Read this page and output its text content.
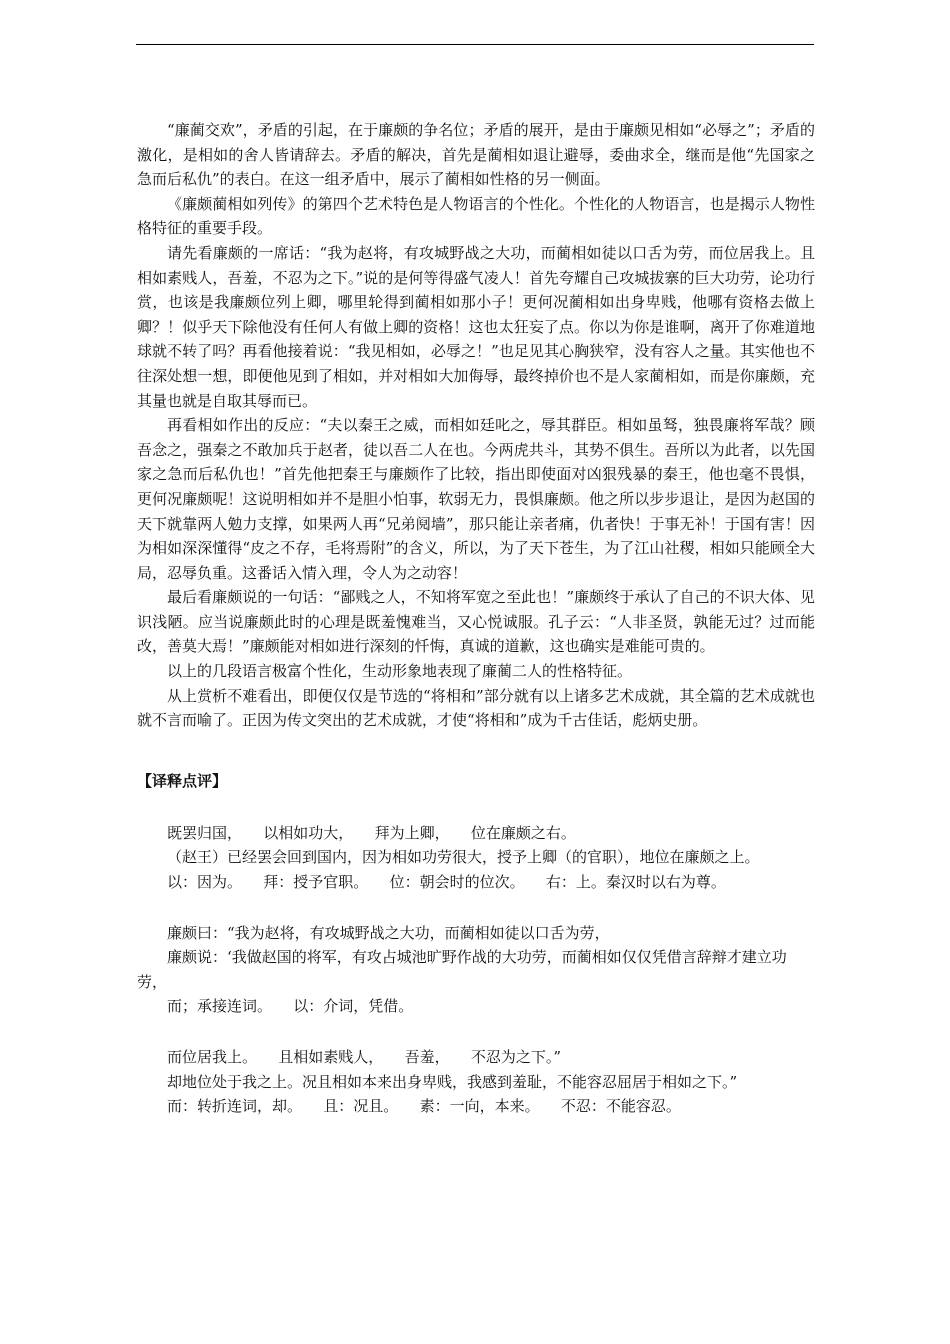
“廉蔺交欢”，矛盾的引起，在于廉颇的争名位；矛盾的展开，是由于廉颇见相如“必辱之”；矛盾的激化，是相如的舍人皆请辞去。矛盾的解决，首先是蔺相如退让避辱，委曲求全，继而是他“先国家之急而后私仇”的表白。在这一组矛盾中，展示了蔺相如性格的另一侧面。

《廉颇蔺相如列传》的第四个艺术特色是人物语言的个性化。个性化的人物语言，也是揭示人物性格特征的重要手段。

请先看廉颇的一席话：“我为赵将，有攻城野战之大功，而蔺相如徒以口舌为劳，而位居我上。且相如素贱人，吾羞，不忍为之下。”说的是何等得盛气凌人！首先夸耀自己攻城拔寨的巨大功劳，论功行赏，也该是我廉颇位列上卿，哪里轮得到蔺相如那小子！更何况蔺相如出身卑贱，他哪有资格去做上卿？！似乎天下除他没有任何人有做上卿的资格！这也太狂妄了点。你以为你是谁啊，离开了你难道地球就不转了吗？再看他接着说：“我见相如，必辱之！”也足见其心胸狭窄，没有容人之量。其实他也不往深处想一想，即便他见到了相如，并对相如大加侮辱，最终掉价也不是人家蔺相如，而是你廉颇，充其量也就是自取其辱而已。

再看相如作出的反应：“夫以秦王之威，而相如廷叱之，辱其群臣。相如虽驽，独畏廉将军哉？顾吾念之，强秦之不敢加兵于赵者，徒以吾二人在也。今两虎共斗，其势不俱生。吾所以为此者，以先国家之急而后私仇也！”首先他把秦王与廉颇作了比较，指出即使面对凶狠残暴的秦王，他也毫不畏惧，更何况廉颇呢！这说明相如并不是胆小怕事，软弱无力，畏惧廉颇。他之所以步步退让，是因为赵国的天下就靠两人勉力支撑，如果两人再“兄弟阋墙”，那只能让亲者痛，仇者快！于事无补！于国有害！因为相如深深懂得“皮之不存，毛将焉附”的含义，所以，为了天下苍生，为了江山社稷，相如只能顾全大局，忍辱负重。这番话入情入理，令人为之动容！

最后看廉颇说的一句话：“鄙贱之人，不知将军宽之至此也！”廉颇终于承认了自己的不识大体、见识浅陋。应当说廉颇此时的心理是既羞愧难当，又心悦诚服。孔子云：“人非圣贤，孰能无过？过而能改，善莫大焉！”廉颇能对相如进行深刻的忏悔，真诚的道歉，这也确实是难能可贵的。

以上的几段语言极富个性化，生动形象地表现了廉蔺二人的性格特征。

从上赏析不难看出，即便仅仅是节选的“将相和”部分就有以上诸多艺术成就，其全篇的艺术成就也就不言而喻了。正因为传文突出的艺术成就，才使“将相和”成为千古佳话，彪炳史册。

【译释点评】

既罢归国， 以相如功大， 拜为上卿， 位在廉颇之右。

（赵王）已经罢会回到国内，因为相如功劳很大，授予上卿（的官职），地位在廉颇之上。

以：因为。 拜：授予官职。 位：朝会时的位次。 右：上。秦汉时以右为尊。

廉颇曰：“我为赵将，有攻城野战之大功，而蔺相如徒以口舌为劳，

廉颇说：‘我做赵国的将军，有攻占城池旷野作战的大功劳，而蔺相如仅仅凭借言辞辩才建立功劳，

而；承接连词。 以：介词，凭借。

而位居我上。 且相如素贱人， 吾羞， 不忍为之下。”

却地位处于我之上。况且相如本来出身卑贱，我感到羞耻，不能容忍屈居于相如之下。”

而：转折连词，却。 且：况且。 素：一向，本来。 不忍：不能容忍。
